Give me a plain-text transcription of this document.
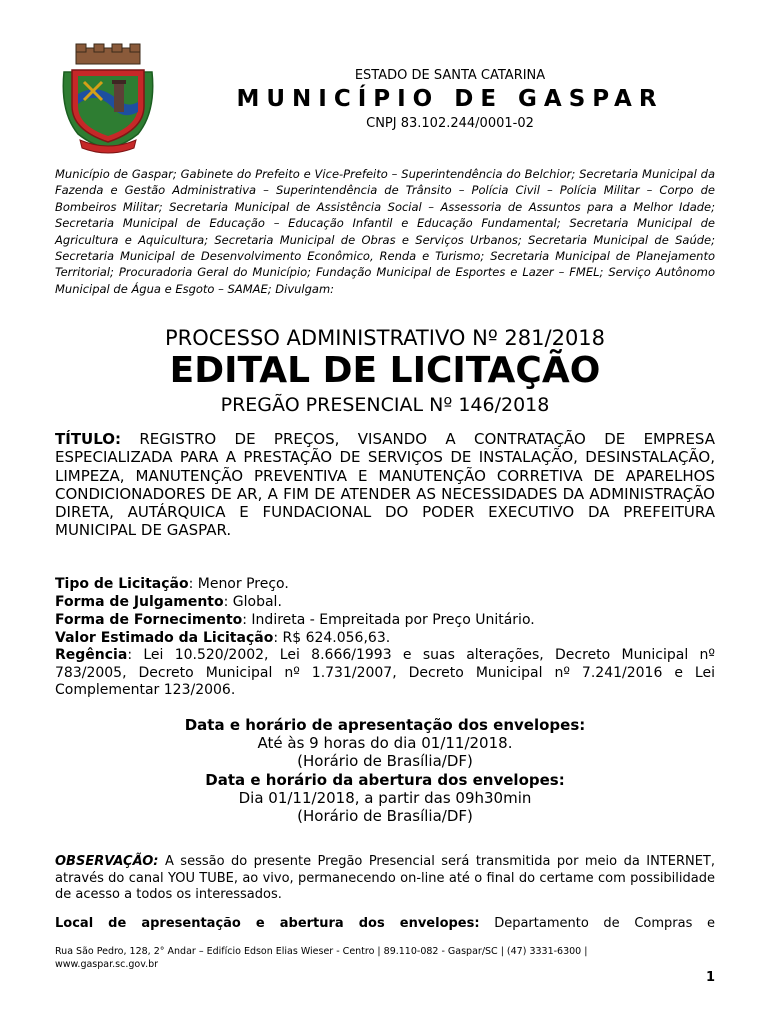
ESTADO DE SANTA CATARINA
MUNICÍPIO DE GASPAR
CNPJ 83.102.244/0001-02
Município de Gaspar; Gabinete do Prefeito e Vice-Prefeito – Superintendência do Belchior; Secretaria Municipal da Fazenda e Gestão Administrativa – Superintendência de Trânsito – Polícia Civil – Polícia Militar – Corpo de Bombeiros Militar; Secretaria Municipal de Assistência Social – Assessoria de Assuntos para a Melhor Idade; Secretaria Municipal de Educação – Educação Infantil e Educação Fundamental; Secretaria Municipal de Agricultura e Aquicultura; Secretaria Municipal de Obras e Serviços Urbanos; Secretaria Municipal de Saúde; Secretaria Municipal de Desenvolvimento Econômico, Renda e Turismo; Secretaria Municipal de Planejamento Territorial; Procuradoria Geral do Município; Fundação Municipal de Esportes e Lazer – FMEL; Serviço Autônomo Municipal de Água e Esgoto – SAMAE; Divulgam:
PROCESSO ADMINISTRATIVO Nº 281/2018
EDITAL DE LICITAÇÃO
PREGÃO PRESENCIAL Nº 146/2018
TÍTULO: REGISTRO DE PREÇOS, VISANDO A CONTRATAÇÃO DE EMPRESA ESPECIALIZADA PARA A PRESTAÇÃO DE SERVIÇOS DE INSTALAÇÃO, DESINSTALAÇÃO, LIMPEZA, MANUTENÇÃO PREVENTIVA E MANUTENÇÃO CORRETIVA DE APARELHOS CONDICIONADORES DE AR, A FIM DE ATENDER AS NECESSIDADES DA ADMINISTRAÇÃO DIRETA, AUTÁRQUICA E FUNDACIONAL DO PODER EXECUTIVO DA PREFEITURA MUNICIPAL DE GASPAR.
Tipo de Licitação: Menor Preço.
Forma de Julgamento: Global.
Forma de Fornecimento: Indireta - Empreitada por Preço Unitário.
Valor Estimado da Licitação: R$ 624.056,63.
Regência: Lei 10.520/2002, Lei 8.666/1993 e suas alterações, Decreto Municipal nº 783/2005, Decreto Municipal nº 1.731/2007, Decreto Municipal nº 7.241/2016 e Lei Complementar 123/2006.
Data e horário de apresentação dos envelopes:
Até às 9 horas do dia 01/11/2018.
(Horário de Brasília/DF)
Data e horário da abertura dos envelopes:
Dia 01/11/2018, a partir das 09h30min
(Horário de Brasília/DF)
OBSERVAÇÃO: A sessão do presente Pregão Presencial será transmitida por meio da INTERNET, através do canal YOU TUBE, ao vivo, permanecendo on-line até o final do certame com possibilidade de acesso a todos os interessados.
Local de apresentação e abertura dos envelopes: Departamento de Compras e
Rua São Pedro, 128, 2° Andar – Edifício Edson Elias Wieser - Centro | 89.110-082 - Gaspar/SC | (47) 3331-6300 |
www.gaspar.sc.gov.br
1
